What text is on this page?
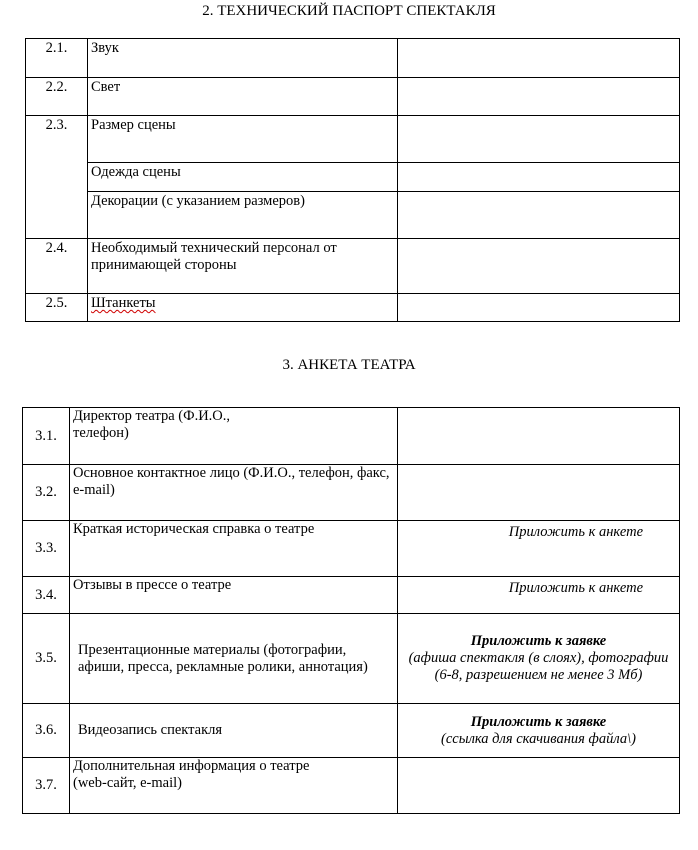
2. ТЕХНИЧЕСКИЙ ПАСПОРТ СПЕКТАКЛЯ
2.1.	Звук	
2.2.	Свет	
2.3.	Размер сцены	
	Одежда сцены	
	Декорации (с указанием размеров)	
2.4.	Необходимый технический персонал от принимающей стороны	
2.5.	Штанкеты	
3. АНКЕТА ТЕАТРА
3.1.	Директор театра (Ф.И.О.,
телефон)	

3.2.	Основное контактное лицо (Ф.И.О., телефон, факс, e-mail)	
3.3.	Краткая историческая справка о театре	Приложить к анкете
3.4.	Отзывы в прессе о театре	Приложить к анкете
3.5.	Презентационные материалы (фотографии, афиши, пресса, рекламные ролики, аннотация)	Приложить к заявке
(афиша спектакля (в слоях), фотографии (6-8, разрешением не менее 3 Мб)
3.6.	Видеозапись спектакля	Приложить к заявке
(ссылка для скачивания файла\)
3.7.	Дополнительная информация о театре
(web-сайт, e-mail)	
